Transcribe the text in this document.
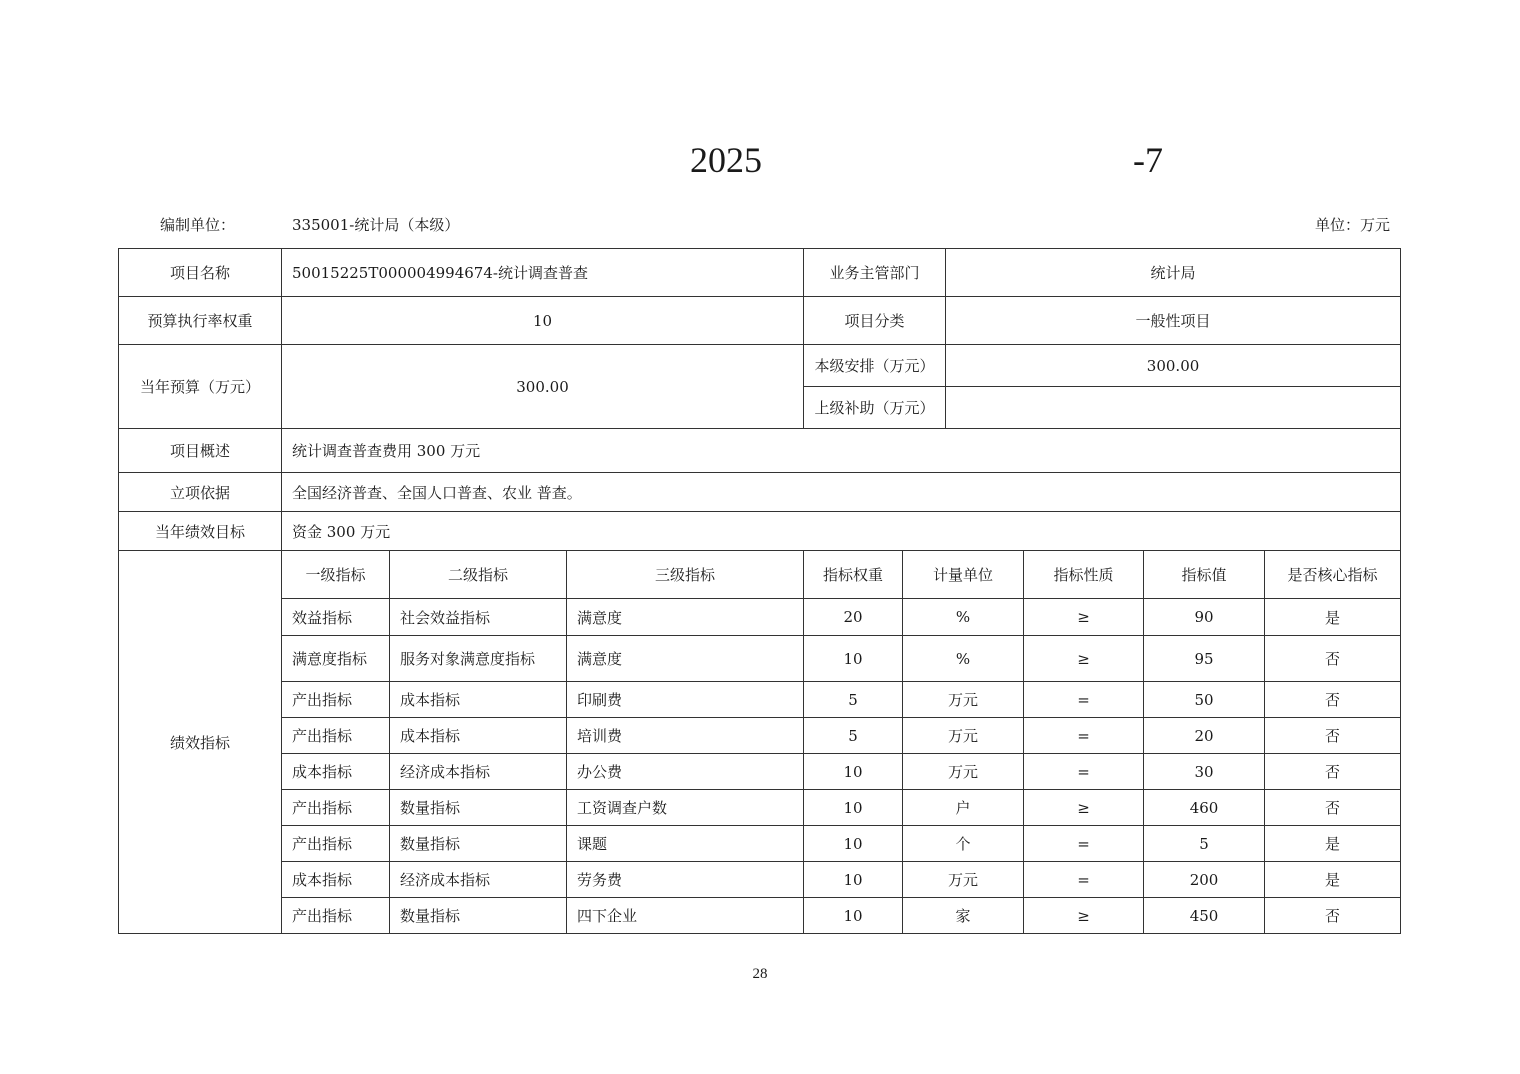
2025	-7
编制单位：	335001-统计局（本级）	单位：万元
项目名称	50015225T000004994674-统计调查普查			业务主管部门		统计局			
预算执行率权重	10			项目分类		一般性项目			
当年预算（万元）	300.00			本级安排（万元）		300.00			
				上级补助（万元）					
项目概述	统计调查普查费用 300 万元								
立项依据	全国经济普查、全国人口普查、农业 普查。								
当年绩效目标	资金 300 万元								
绩效指标	一级指标	二级指标	三级指标	指标权重	计量单位		指标性质	指标值	是否核心指标
	效益指标	社会效益指标	满意度	20	%		≥	90	是
	满意度指标	服务对象满意度指标	满意度	10	%		≥	95	否
	产出指标	成本指标	印刷费	5	万元		=	50	否
	产出指标	成本指标	培训费	5	万元		=	20	否
	成本指标	经济成本指标	办公费	10	万元		=	30	否
	产出指标	数量指标	工资调查户数	10	户		≥	460	否
	产出指标	数量指标	课题	10	个		=	5	是
	成本指标	经济成本指标	劳务费	10	万元		=	200	是
	产出指标	数量指标	四下企业	10	家		≥	450	否
28
